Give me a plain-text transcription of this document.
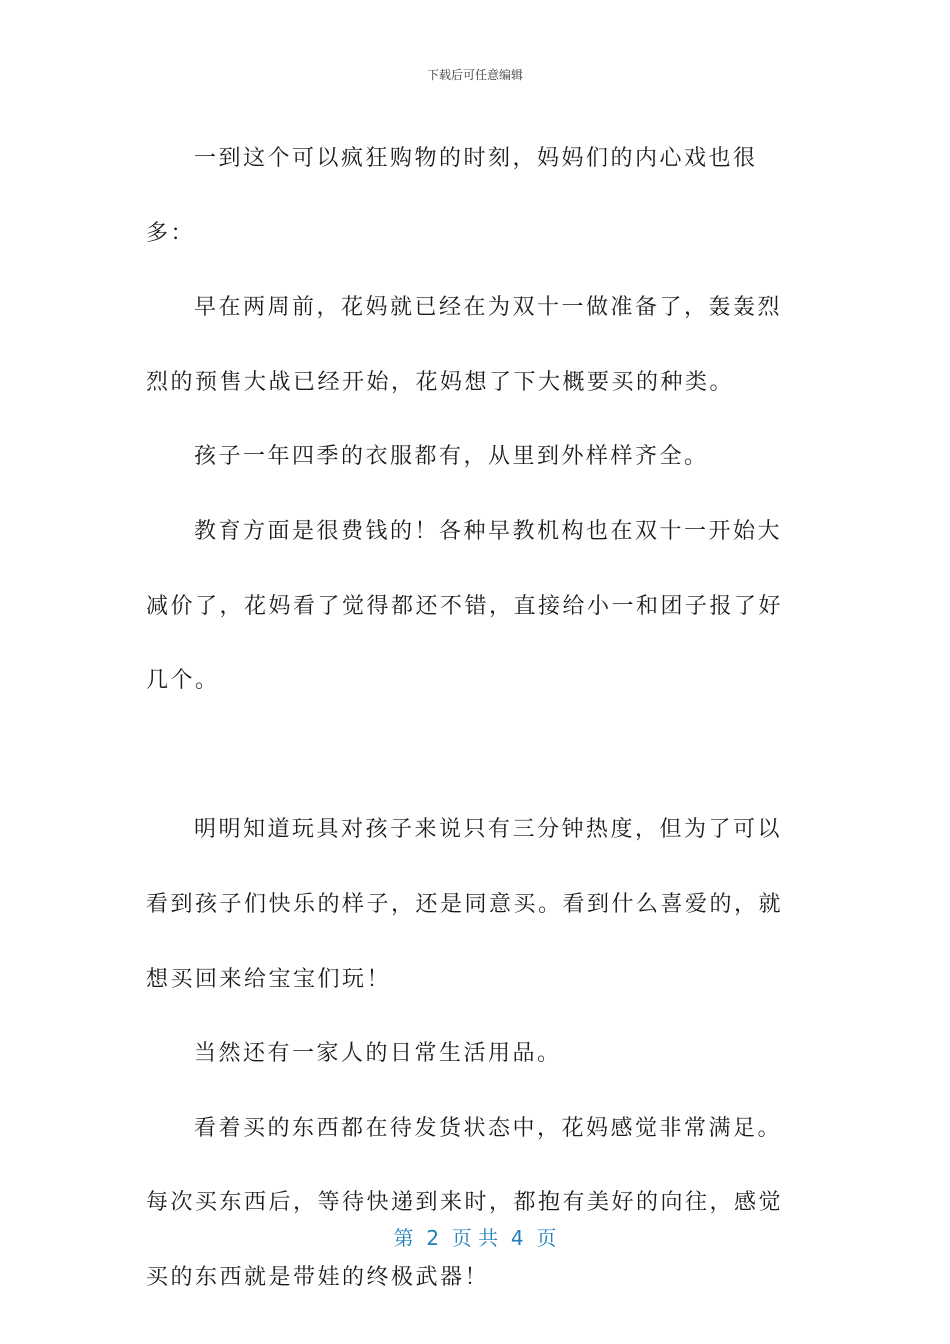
下载后可任意编辑

一到这个可以疯狂购物的时刻，妈妈们的内心戏也很多：

早在两周前，花妈就已经在为双十一做准备了，轰轰烈烈的预售大战已经开始，花妈想了下大概要买的种类。

孩子一年四季的衣服都有，从里到外样样齐全。

教育方面是很费钱的！各种早教机构也在双十一开始大减价了，花妈看了觉得都还不错，直接给小一和团子报了好几个。

明明知道玩具对孩子来说只有三分钟热度，但为了可以看到孩子们快乐的样子，还是同意买。看到什么喜爱的，就想买回来给宝宝们玩！

当然还有一家人的日常生活用品。

看着买的东西都在待发货状态中，花妈感觉非常满足。每次买东西后，等待快递到来时，都抱有美好的向往，感觉买的东西就是带娃的终极武器！

第  2  页 共  4  页
